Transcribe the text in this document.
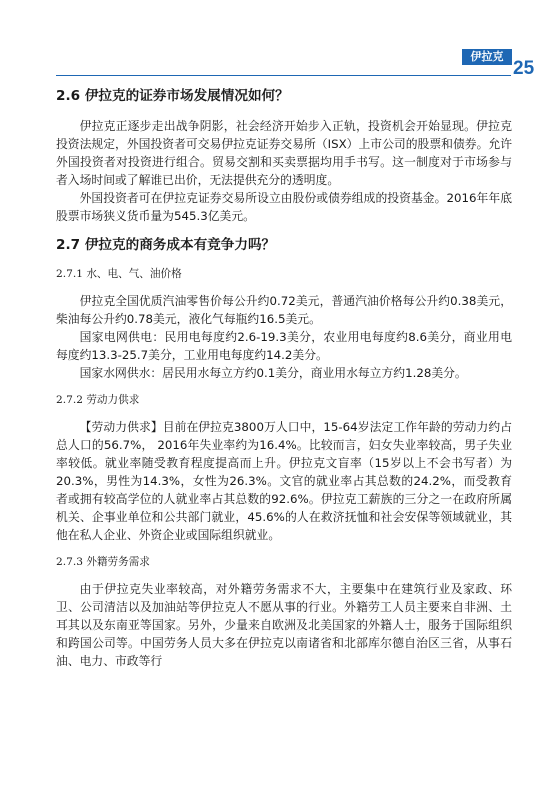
伊拉克
25
2.6 伊拉克的证券市场发展情况如何？

伊拉克正逐步走出战争阴影，社会经济开始步入正轨，投资机会开始显现。伊拉克投资法规定，外国投资者可交易伊拉克证券交易所（ISX）上市公司的股票和债券。允许外国投资者对投资进行组合。贸易交割和买卖票据均用手书写。这一制度对于市场参与者入场时间或了解谁已出价，无法提供充分的透明度。

外国投资者可在伊拉克证券交易所设立由股份或债券组成的投资基金。2016年年底股票市场狭义货币量为545.3亿美元。

2.7 伊拉克的商务成本有竞争力吗？
2.7.1 水、电、气、油价格

伊拉克全国优质汽油零售价每公升约0.72美元，普通汽油价格每公升约0.38美元，柴油每公升约0.78美元，液化气每瓶约16.5美元。

国家电网供电：民用电每度约2.6-19.3美分，农业用电每度约8.6美分，商业用电每度约13.3-25.7美分，工业用电每度约14.2美分。

国家水网供水：居民用水每立方约0.1美分，商业用水每立方约1.28美分。

2.7.2 劳动力供求

【劳动力供求】目前在伊拉克3800万人口中，15-64岁法定工作年龄的劳动力约占总人口的56.7%， 2016年失业率约为16.4%。比较而言，妇女失业率较高，男子失业率较低。就业率随受教育程度提高而上升。伊拉克文盲率（15岁以上不会书写者）为20.3%，男性为14.3%，女性为26.3%。文官的就业率占其总数的24.2%，而受教育者或拥有较高学位的人就业率占其总数的92.6%。伊拉克工薪族的三分之一在政府所属机关、企事业单位和公共部门就业，45.6%的人在救济抚恤和社会安保等领域就业，其他在私人企业、外资企业或国际组织就业。

2.7.3 外籍劳务需求

由于伊拉克失业率较高，对外籍劳务需求不大，主要集中在建筑行业及家政、环卫、公司清洁以及加油站等伊拉克人不愿从事的行业。外籍劳工人员主要来自非洲、土耳其以及东南亚等国家。另外，少量来自欧洲及北美国家的外籍人士，服务于国际组织和跨国公司等。中国劳务人员大多在伊拉克以南诸省和北部库尔德自治区三省，从事石油、电力、市政等行
